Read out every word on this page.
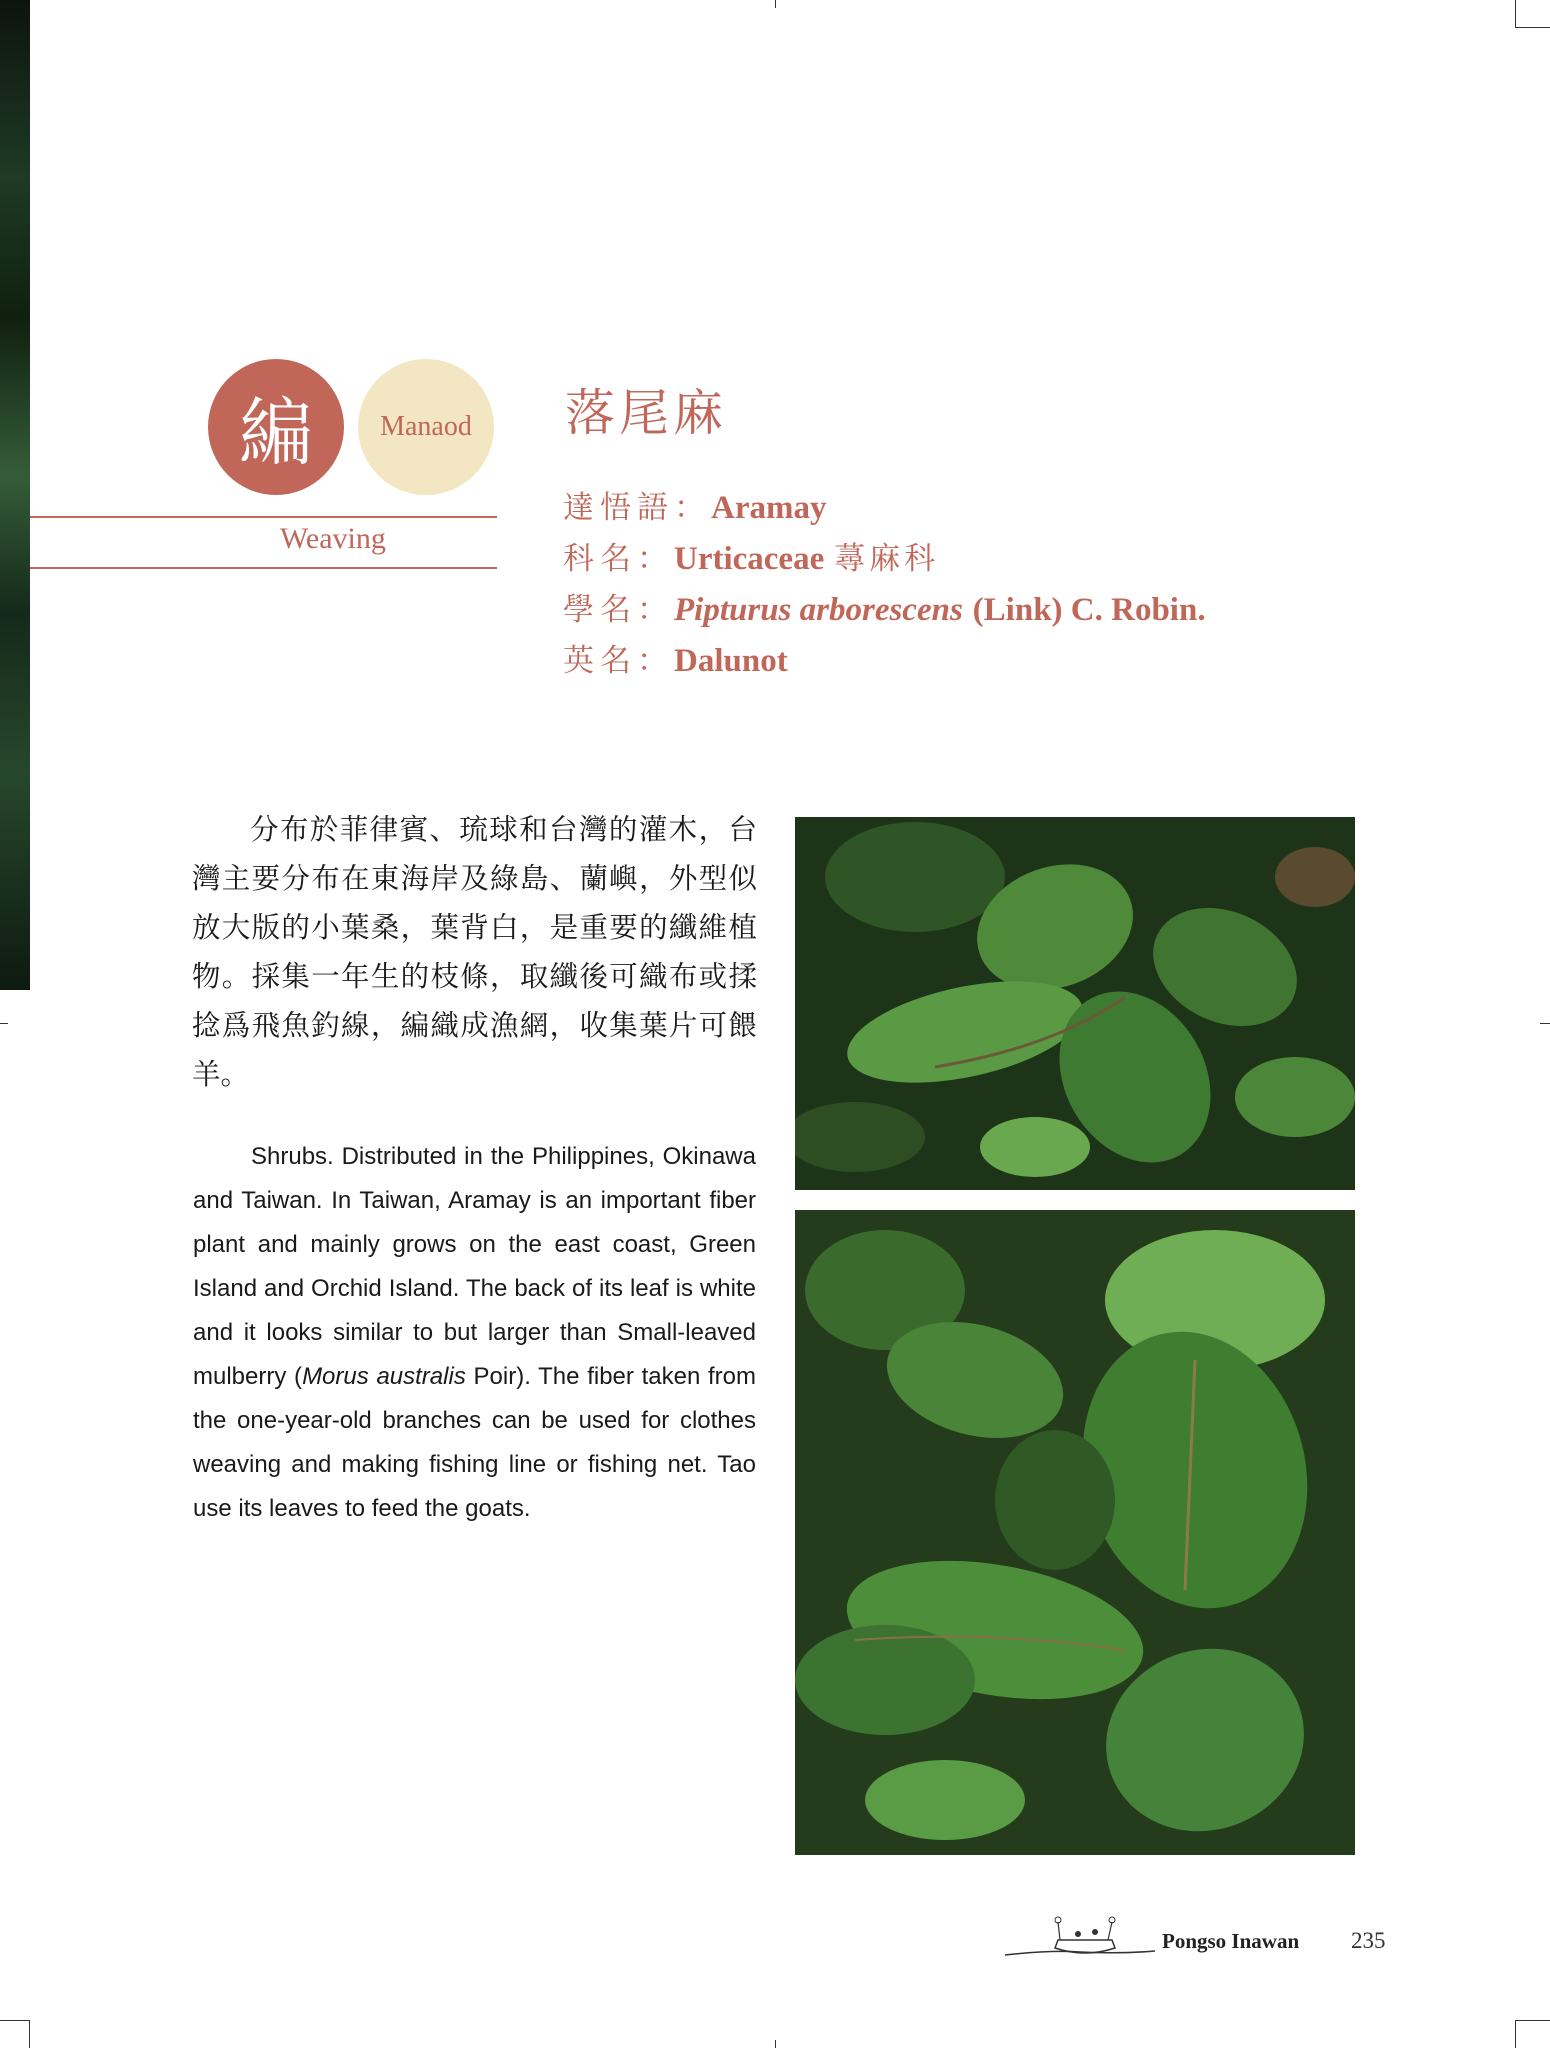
編 Manaod
Weaving
落尾麻
達悟語：Aramay
科名：Urticaceae 蕁麻科
學名：Pipturus arborescens (Link) C. Robin.
英名：Dalunot
分布於菲律賓、琉球和台灣的灌木，台灣主要分布在東海岸及綠島、蘭嶼，外型似放大版的小葉桑，葉背白，是重要的纖維植物。採集一年生的枝條，取纖後可織布或揉捻爲飛魚釣線，編織成漁網，收集葉片可餵羊。
Shrubs. Distributed in the Philippines, Okinawa and Taiwan. In Taiwan, Aramay is an important fiber plant and mainly grows on the east coast, Green Island and Orchid Island. The back of its leaf is white and it looks similar to but larger than Small-leaved mulberry (Morus australis Poir). The fiber taken from the one-year-old branches can be used for clothes weaving and making fishing line or fishing net. Tao use its leaves to feed the goats.
Pongso Inawan 235
